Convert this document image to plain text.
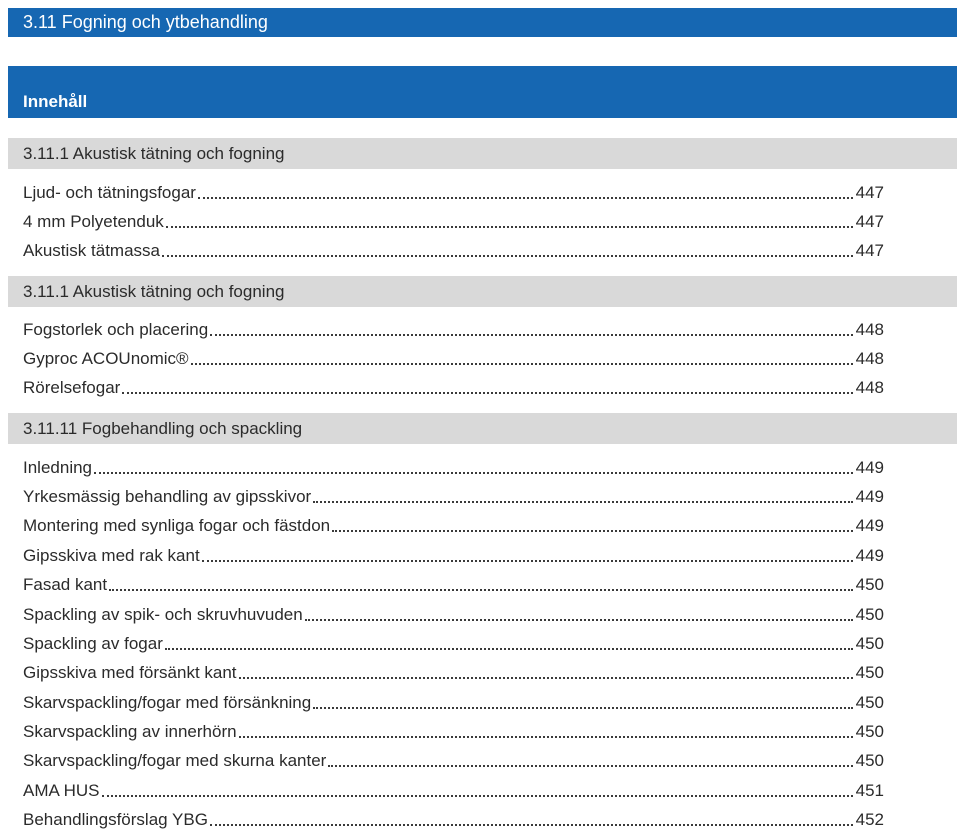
3.11 Fogning och ytbehandling
Innehåll
3.11.1 Akustisk tätning och fogning
Ljud- och tätningsfogar	447
4 mm Polyetenduk	447
Akustisk tätmassa	447
3.11.1 Akustisk tätning och fogning
Fogstorlek och placering	448
Gyproc ACOUnomic®	448
Rörelsefogar	448
3.11.11 Fogbehandling och spackling
Inledning	449
Yrkesmässig behandling av gipsskivor	449
Montering med synliga fogar och fästdon	449
Gipsskiva med rak kant	449
Fasad kant	450
Spackling av spik- och skruvhuvuden	450
Spackling av fogar	450
Gipsskiva med försänkt kant	450
Skarvspackling/fogar med försänkning	450
Skarvspackling av innerhörn	450
Skarvspackling/fogar med skurna kanter	450
AMA HUS	451
Behandlingsförslag YBG	452
